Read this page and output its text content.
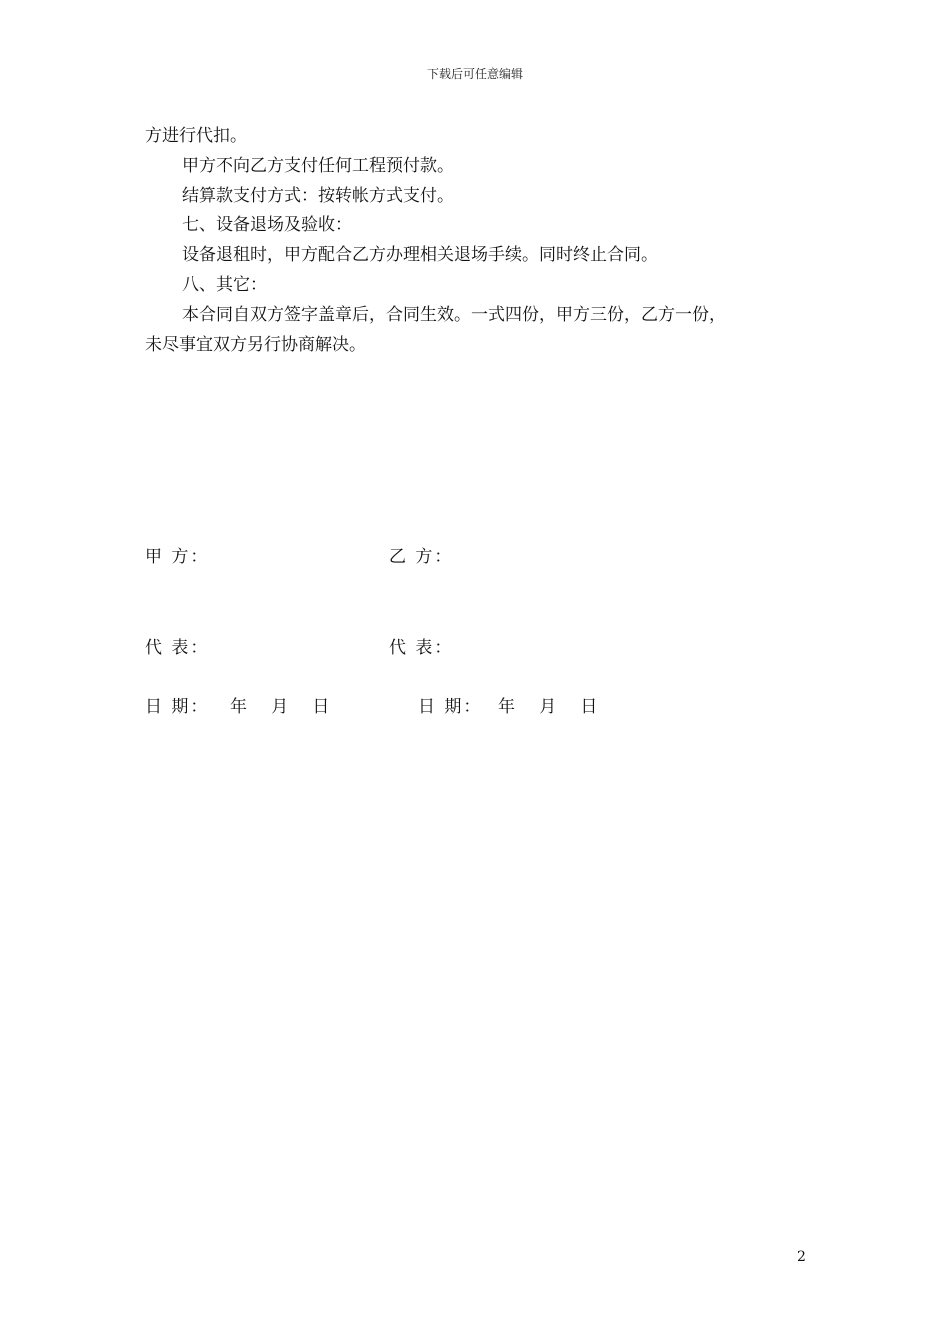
下载后可任意编辑
方进行代扣。
甲方不向乙方支付任何工程预付款。
结算款支付方式：按转帐方式支付。
七、设备退场及验收：
设备退租时，甲方配合乙方办理相关退场手续。同时终止合同。
八、其它：
本合同自双方签字盖章后，合同生效。一式四份，甲方三份，乙方一份，
未尽事宜双方另行协商解决。
甲 方：	乙 方：
代 表：	代 表：
日 期： 年   月   日	日 期： 年   月   日
2
